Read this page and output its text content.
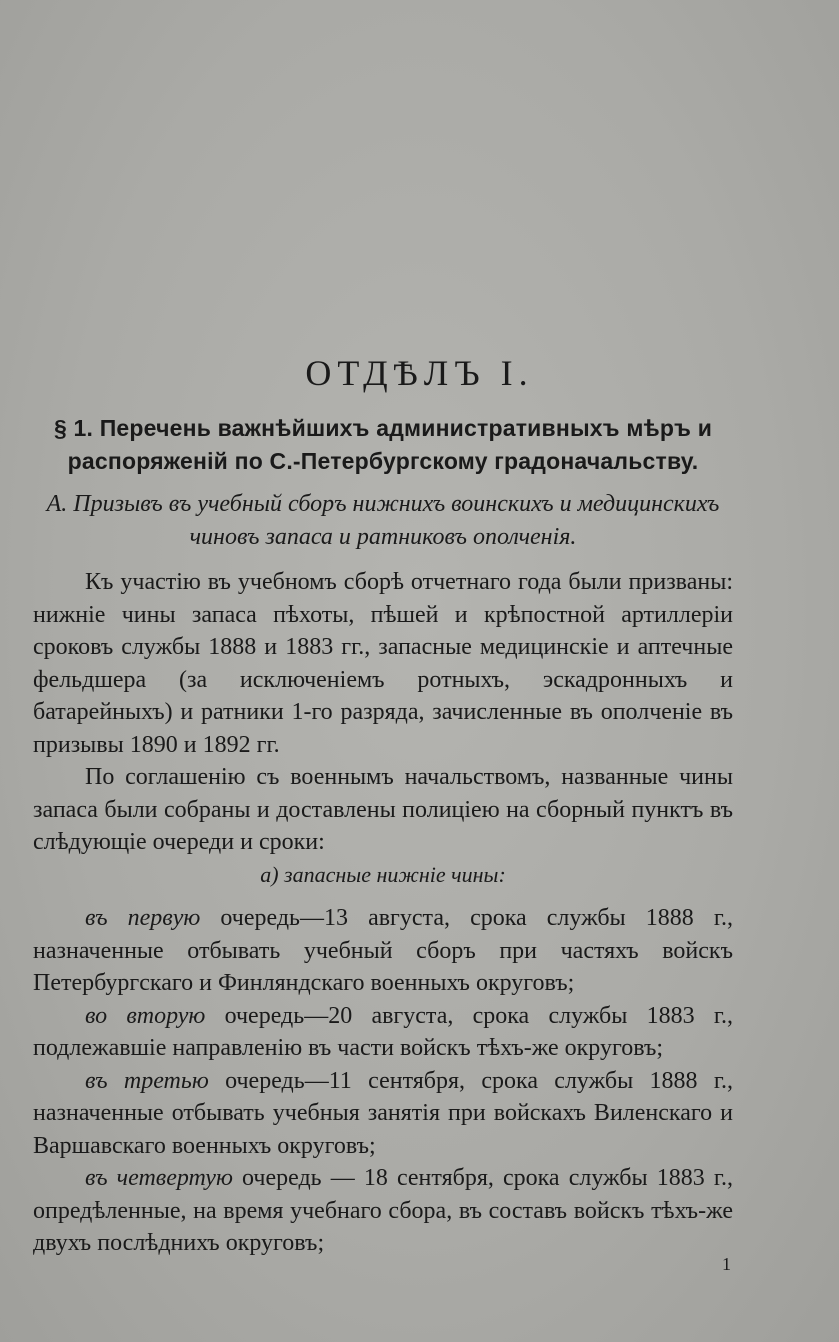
ОТДѢЛЪ I.
§ 1. Перечень важнѣйшихъ административныхъ мѣръ и распоряженій по С.-Петербургскому градоначальству.
А. Призывъ въ учебный сборъ нижнихъ воинскихъ и медицинскихъ чиновъ запаса и ратниковъ ополченія.

Къ участію въ учебномъ сборѣ отчетнаго года были призваны: нижніе чины запаса пѣхоты, пѣшей и крѣпостной артиллеріи сроковъ службы 1888 и 1883 гг., запасные медицинскіе и аптечные фельдшера (за исключеніемъ ротныхъ, эскадронныхъ и батарейныхъ) и ратники 1-го разряда, зачисленные въ ополченіе въ призывы 1890 и 1892 гг.

По соглашенію съ военнымъ начальствомъ, названные чины запаса были собраны и доставлены полиціею на сборный пунктъ въ слѣдующіе очереди и сроки:

а) запасные нижніе чины:

въ первую очередь—13 августа, срока службы 1888 г., назначенные отбывать учебный сборъ при частяхъ войскъ Петербургскаго и Финляндскаго военныхъ округовъ;

во вторую очередь—20 августа, срока службы 1883 г., подлежавшіе направленію въ части войскъ тѣхъ-же округовъ;

въ третью очередь—11 сентября, срока службы 1888 г., назначенные отбывать учебныя занятія при войскахъ Виленскаго и Варшавскаго военныхъ округовъ;

въ четвертую очередь — 18 сентября, срока службы 1883 г., опредѣленные, на время учебнаго сбора, въ составъ войскъ тѣхъ-же двухъ послѣднихъ округовъ;

1
